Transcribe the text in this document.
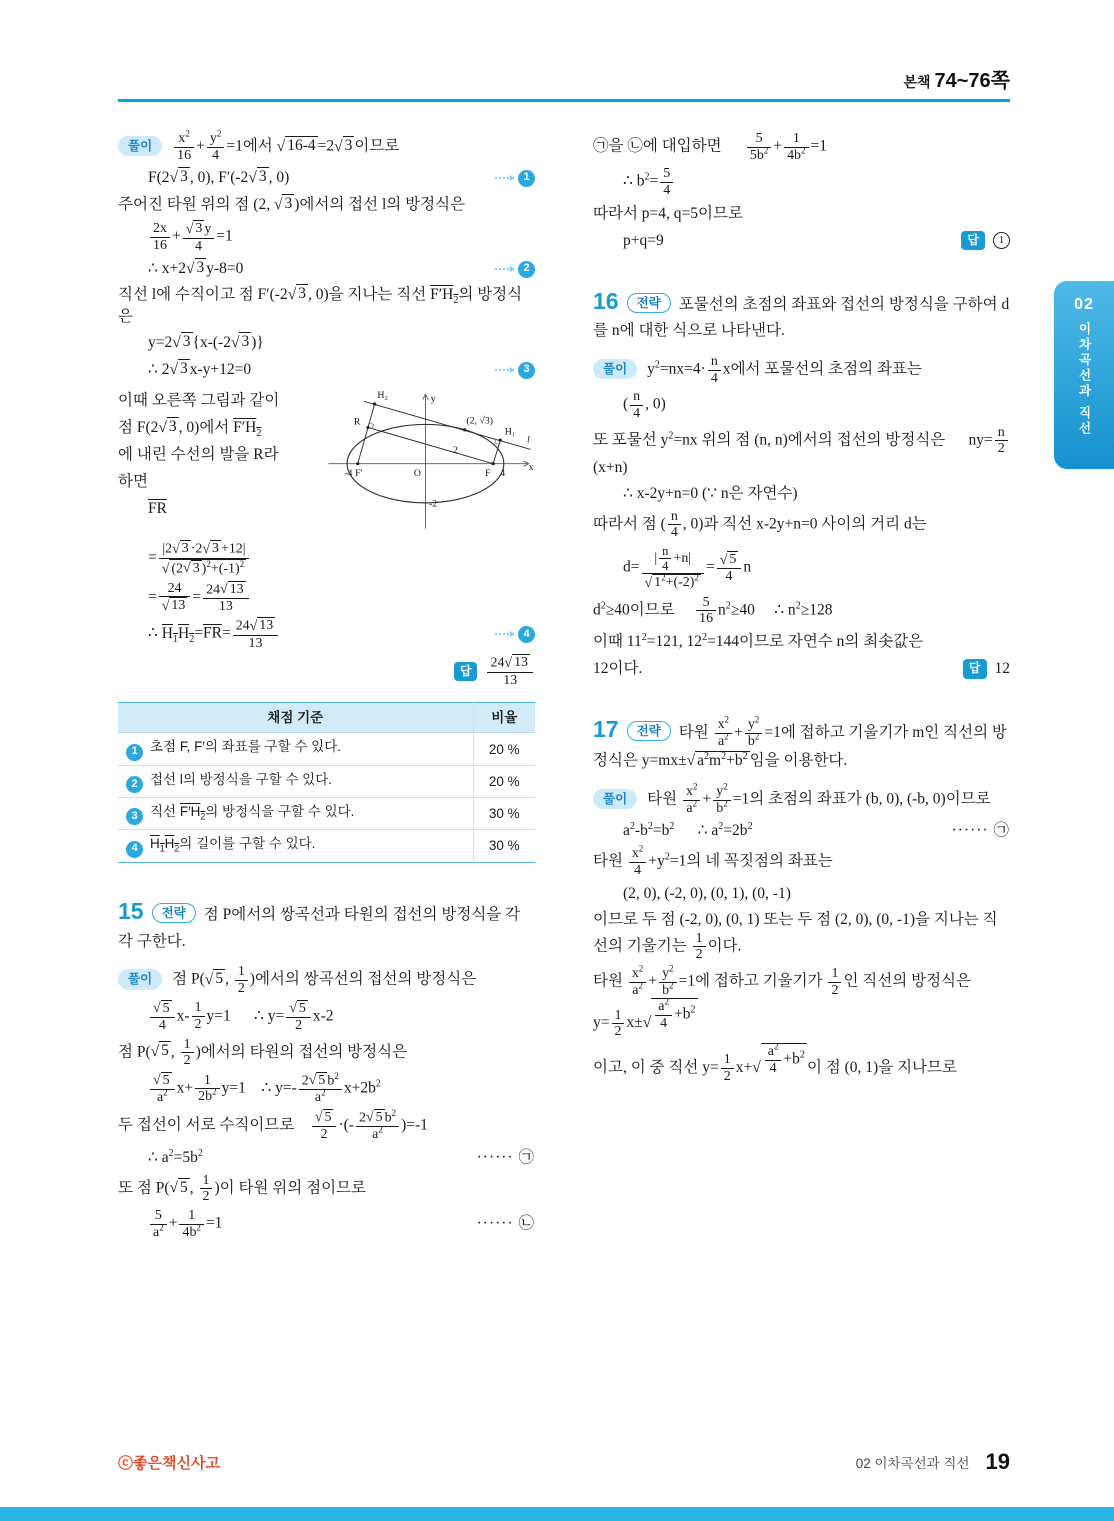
본책 74~76쪽
02
이차곡선과 직선
풀이	$\frac{x^2}{16} + \frac{y^2}{4} =1$에서 √ 16-4 =2 √ 3 이므로
F(2 √ 3 , 0), F′(-2 √ 3 , 0)	1
주어진 타원 위의 점 (2, √ 3 )에서의 접선 l의 방정식은
$\frac{2x}{16} + \frac{√ 3 y}{4} =1$
∴ x+2 √ 3 y-8=0	2
직선 l에 수직이고 점 F′(-2 √ 3 , 0)을 지나는 직선 $F'H_2$의 방정식은
y=2 √ 3 {x-(-2 √ 3 )}
∴ 2 √ 3 x-y+12=0	3
이때 오른쪽 그림과 같이
점 F(2 √ 3 , 0)에서 $F'H_2$
에 내린 수선의 발을 R라
하면
$\overline{FR}$
H₂
H₁
R	(2, √3)
2
-4 F′	O	F 4
-2
x
y
l
= $\frac{|2 √ 3 \cdot 2 √ 3 +12|}{√ (2 √ 3 )^2+(-1)^2}$
= $\frac{24}{√ 13} = \frac{24 √ 13}{13}$
∴ $H_1H_2=\overline{FR}= \frac{24 √ 13}{13}$	4
답	$\frac{24 √ 13}{13}$
채점 기준	비율
1 초점 F, F′의 좌표를 구할 수 있다.	20 %
2 접선 l의 방정식을 구할 수 있다.	20 %
3 직선 $F'H_2$의 방정식을 구할 수 있다.	30 %
4 $H_1H_2$의 길이를 구할 수 있다.	30 %
15 전략 점 P에서의 쌍곡선과 타원의 접선의 방정식을 각각 구한다.
풀이	점 P( √ 5 , $\frac{1}{2}$ )에서의 쌍곡선의 접선의 방정식은
$\frac{√ 5}{4} x- \frac{1}{2} y=1$      ∴ $y= \frac{√ 5}{2} x-2$
점 P( √ 5 , $\frac{1}{2}$ )에서의 타원의 접선의 방정식은
$\frac{√ 5}{a^2} x+ \frac{1}{2b^2} y=1$    ∴ $y=- \frac{2 √ 5 b^2}{a^2} x+2b^2$
두 접선이 서로 수직이므로 $\frac{√ 5}{2}$ ·(- $\frac{2 √ 5 b^2}{a^2} )=-1$
∴ $a^2=5b^2$	······ ㉠
또 점 P( √ 5 , $\frac{1}{2}$ )이 타원 위의 점이므로
$\frac{5}{a^2} + \frac{1}{4b^2} =1$	······ ㉡
㉠을 ㉡에 대입하면 $\frac{5}{5b^2} + \frac{1}{4b^2} =1$
∴ $b^2= \frac{5}{4}$
따라서 p=4, q=5이므로
p+q=9	답	1
16 전략 포물선의 초점의 좌표와 접선의 방정식을 구하여 d를 n에 대한 식으로 나타낸다.
풀이	$y^2=nx=4\cdot \frac{n}{4}$ x에서 포물선의 초점의 좌표는
( $\frac{n}{4}$ , 0)
또 포물선 $y^2=nx$ 위의 점 (n, n)에서의 접선의 방정식은      $ny= \frac{n}{2}$
(x+n)
∴ x-2y+n=0 (∵ n은 자연수)
따라서 점 ( $\frac{n}{4}$ , 0)과 직선 x-2y+n=0 사이의 거리 d는
$d= \frac{| \frac{n}{4} +n|}{√ 1^2+(-2)^2} = \frac{√ 5}{4}$ n
$d^2\ge 40$이므로 $\frac{5}{16} n^2\ge 40$     ∴ $n^2\ge 128$
이때 $11^2=121$, $12^2=144$이므로 자연수 n의 최솟값은
12이다.	답 12
17 전략 타원 $\frac{x^2}{a^2} + \frac{y^2}{b^2} =1$에 접하고 기울기가 m인 직선의 방정식은 y=mx± √ $a^2m^2+b^2$ 임을 이용한다.
풀이	타원 $\frac{x^2}{a^2} + \frac{y^2}{b^2} =1$의 초점의 좌표가 (b, 0), (-b, 0)이므로
$a^2-b^2=b^2$      ∴ $a^2=2b^2$	······ ㉠
타원 $\frac{x^2}{4} +y^2=1$의 네 꼭짓점의 좌표는
(2, 0), (-2, 0), (0, 1), (0, -1)
이므로 두 점 (-2, 0), (0, 1) 또는 두 점 (2, 0), (0, -1)을 지나는 직선의 기울기는 $\frac{1}{2}$ 이다.
타원 $\frac{x^2}{a^2} + \frac{y^2}{b^2} =1$에 접하고 기울기가 $\frac{1}{2}$ 인 직선의 방정식은      $y= \frac{1}{2} x\pm$ √ $\frac{a^2}{4} +b^2$
이고, 이 중 직선 $y= \frac{1}{2} x+$ √ $\frac{a^2}{4} +b^2$
이 점 (0, 1)을 지나므로
ⓒ좋은책신사고	02 이차곡선과 직선 19
